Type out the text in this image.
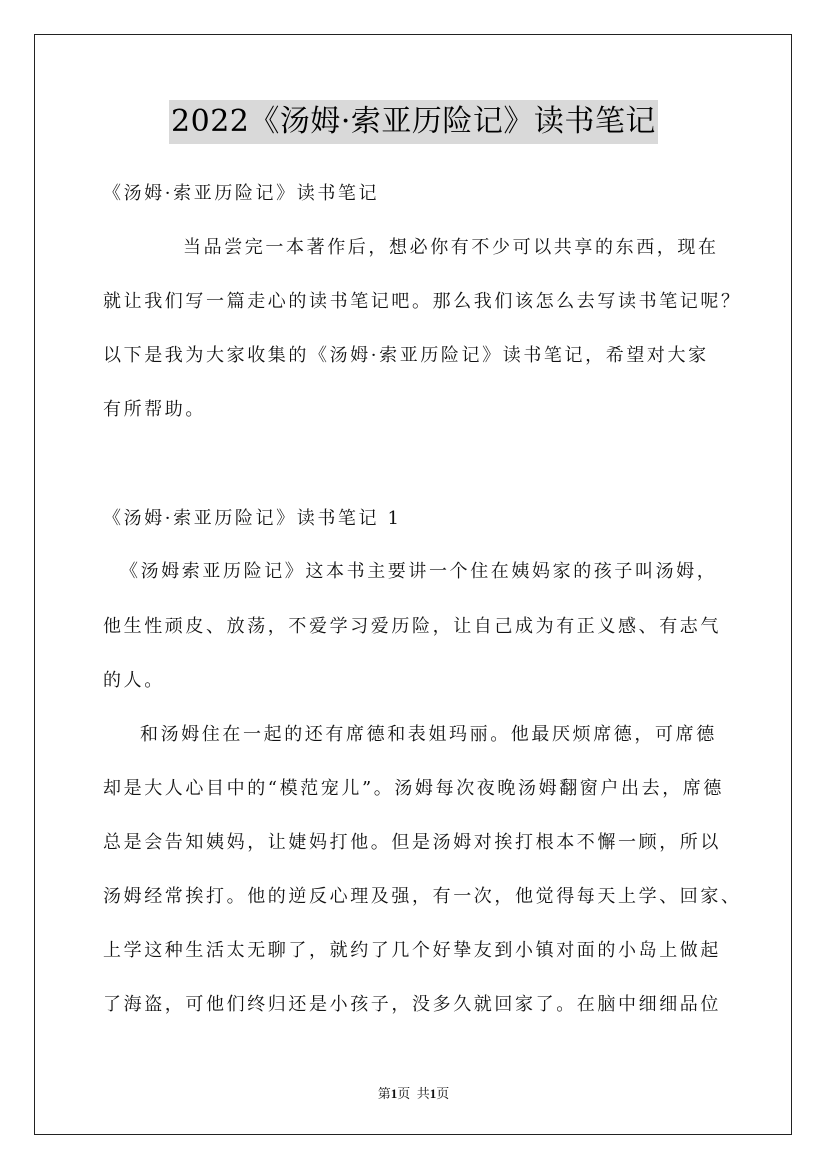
2022《汤姆·索亚历险记》读书笔记
《汤姆·索亚历险记》读书笔记
当品尝完一本著作后，想必你有不少可以共享的东西，现在
就让我们写一篇走心的读书笔记吧。那么我们该怎么去写读书笔记呢？
以下是我为大家收集的《汤姆·索亚历险记》读书笔记，希望对大家
有所帮助。
《汤姆·索亚历险记》读书笔记 1
《汤姆索亚历险记》这本书主要讲一个住在姨妈家的孩子叫汤姆，
他生性顽皮、放荡，不爱学习爱历险，让自己成为有正义感、有志气
的人。
和汤姆住在一起的还有席德和表姐玛丽。他最厌烦席德，可席德
却是大人心目中的“模范宠儿”。汤姆每次夜晚汤姆翻窗户出去，席德
总是会告知姨妈，让婕妈打他。但是汤姆对挨打根本不懈一顾，所以
汤姆经常挨打。他的逆反心理及强，有一次，他觉得每天上学、回家、
上学这种生活太无聊了，就约了几个好挚友到小镇对面的小岛上做起
了海盗，可他们终归还是小孩子，没多久就回家了。在脑中细细品位
第1页 共1页
